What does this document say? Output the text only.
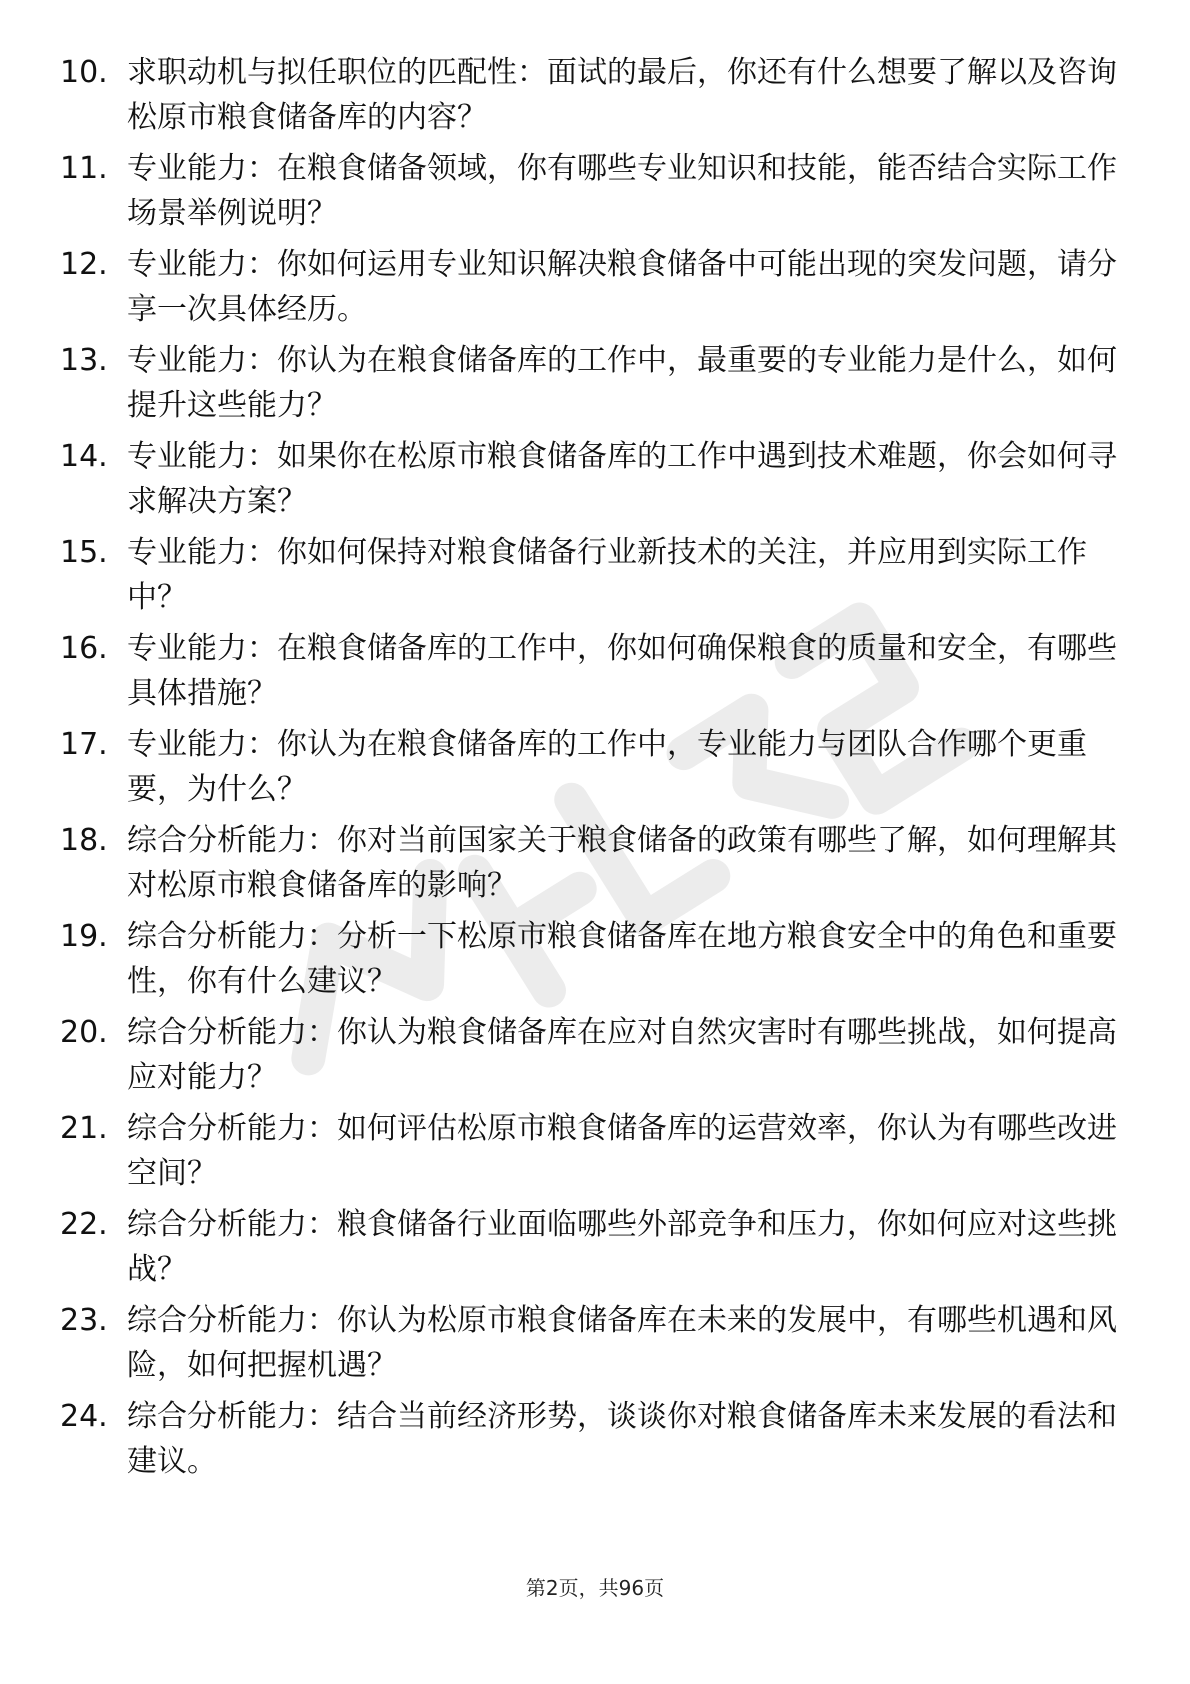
10. 求职动机与拟任职位的匹配性：面试的最后，你还有什么想要了解以及咨询松原市粮食储备库的内容？
11. 专业能力：在粮食储备领域，你有哪些专业知识和技能，能否结合实际工作场景举例说明？
12. 专业能力：你如何运用专业知识解决粮食储备中可能出现的突发问题，请分享一次具体经历。
13. 专业能力：你认为在粮食储备库的工作中，最重要的专业能力是什么，如何提升这些能力？
14. 专业能力：如果你在松原市粮食储备库的工作中遇到技术难题，你会如何寻求解决方案？
15. 专业能力：你如何保持对粮食储备行业新技术的关注，并应用到实际工作中？
16. 专业能力：在粮食储备库的工作中，你如何确保粮食的质量和安全，有哪些具体措施？
17. 专业能力：你认为在粮食储备库的工作中，专业能力与团队合作哪个更重要，为什么？
18. 综合分析能力：你对当前国家关于粮食储备的政策有哪些了解，如何理解其对松原市粮食储备库的影响？
19. 综合分析能力：分析一下松原市粮食储备库在地方粮食安全中的角色和重要性，你有什么建议？
20. 综合分析能力：你认为粮食储备库在应对自然灾害时有哪些挑战，如何提高应对能力？
21. 综合分析能力：如何评估松原市粮食储备库的运营效率，你认为有哪些改进空间？
22. 综合分析能力：粮食储备行业面临哪些外部竞争和压力，你如何应对这些挑战？
23. 综合分析能力：你认为松原市粮食储备库在未来的发展中，有哪些机遇和风险，如何把握机遇？
24. 综合分析能力：结合当前经济形势，谈谈你对粮食储备库未来发展的看法和建议。
第2页，共96页
